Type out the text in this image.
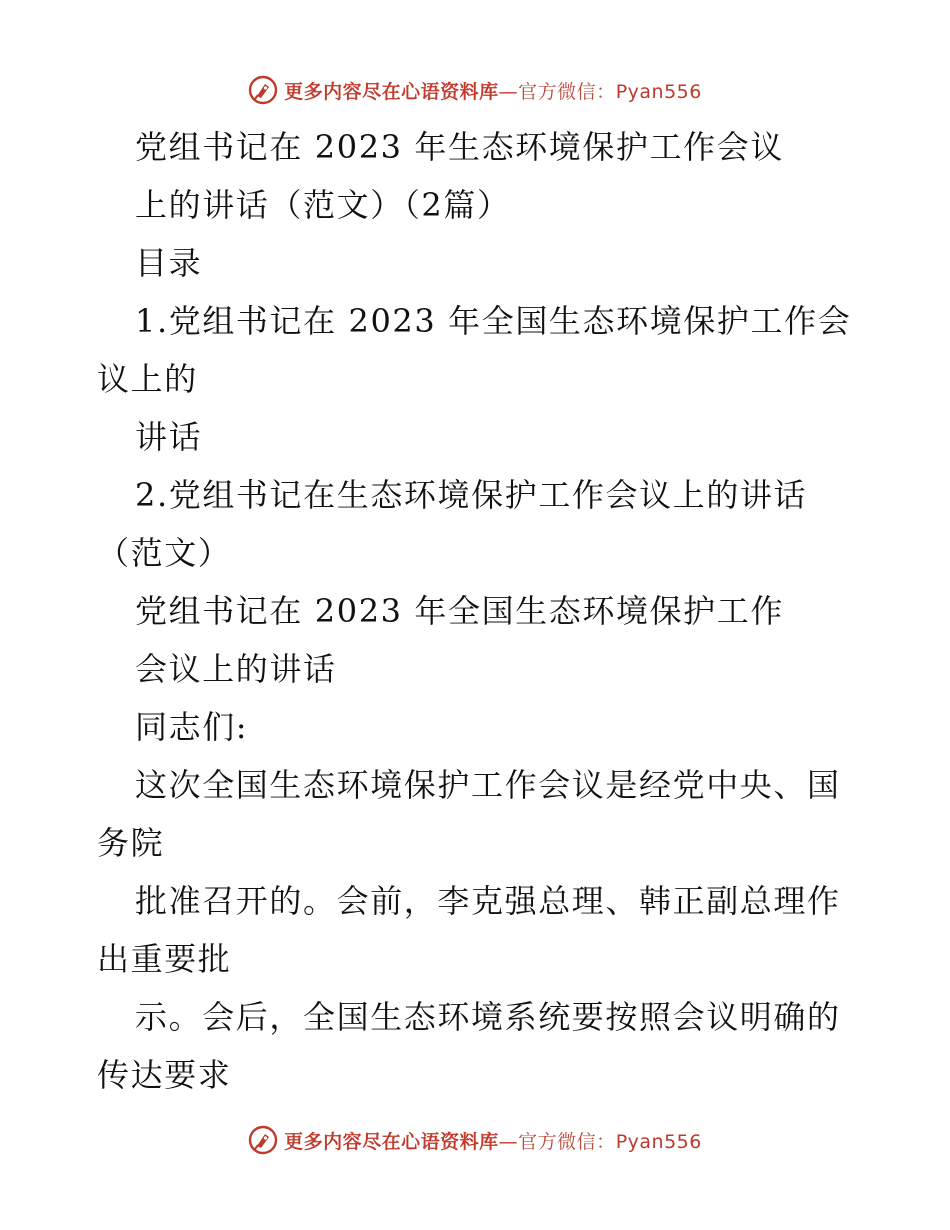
更多内容尽在心语资料库—官方微信：Pyan556
党组书记在 2023 年生态环境保护工作会议
上的讲话（范文）（2篇）
目录
1.党组书记在 2023 年全国生态环境保护工作会
议上的
讲话
2.党组书记在生态环境保护工作会议上的讲话
（范文）
党组书记在 2023 年全国生态环境保护工作
会议上的讲话
同志们:
这次全国生态环境保护工作会议是经党中央、国
务院
批准召开的。会前，李克强总理、韩正副总理作
出重要批
示。会后，全国生态环境系统要按照会议明确的
传达要求
更多内容尽在心语资料库—官方微信：Pyan556
